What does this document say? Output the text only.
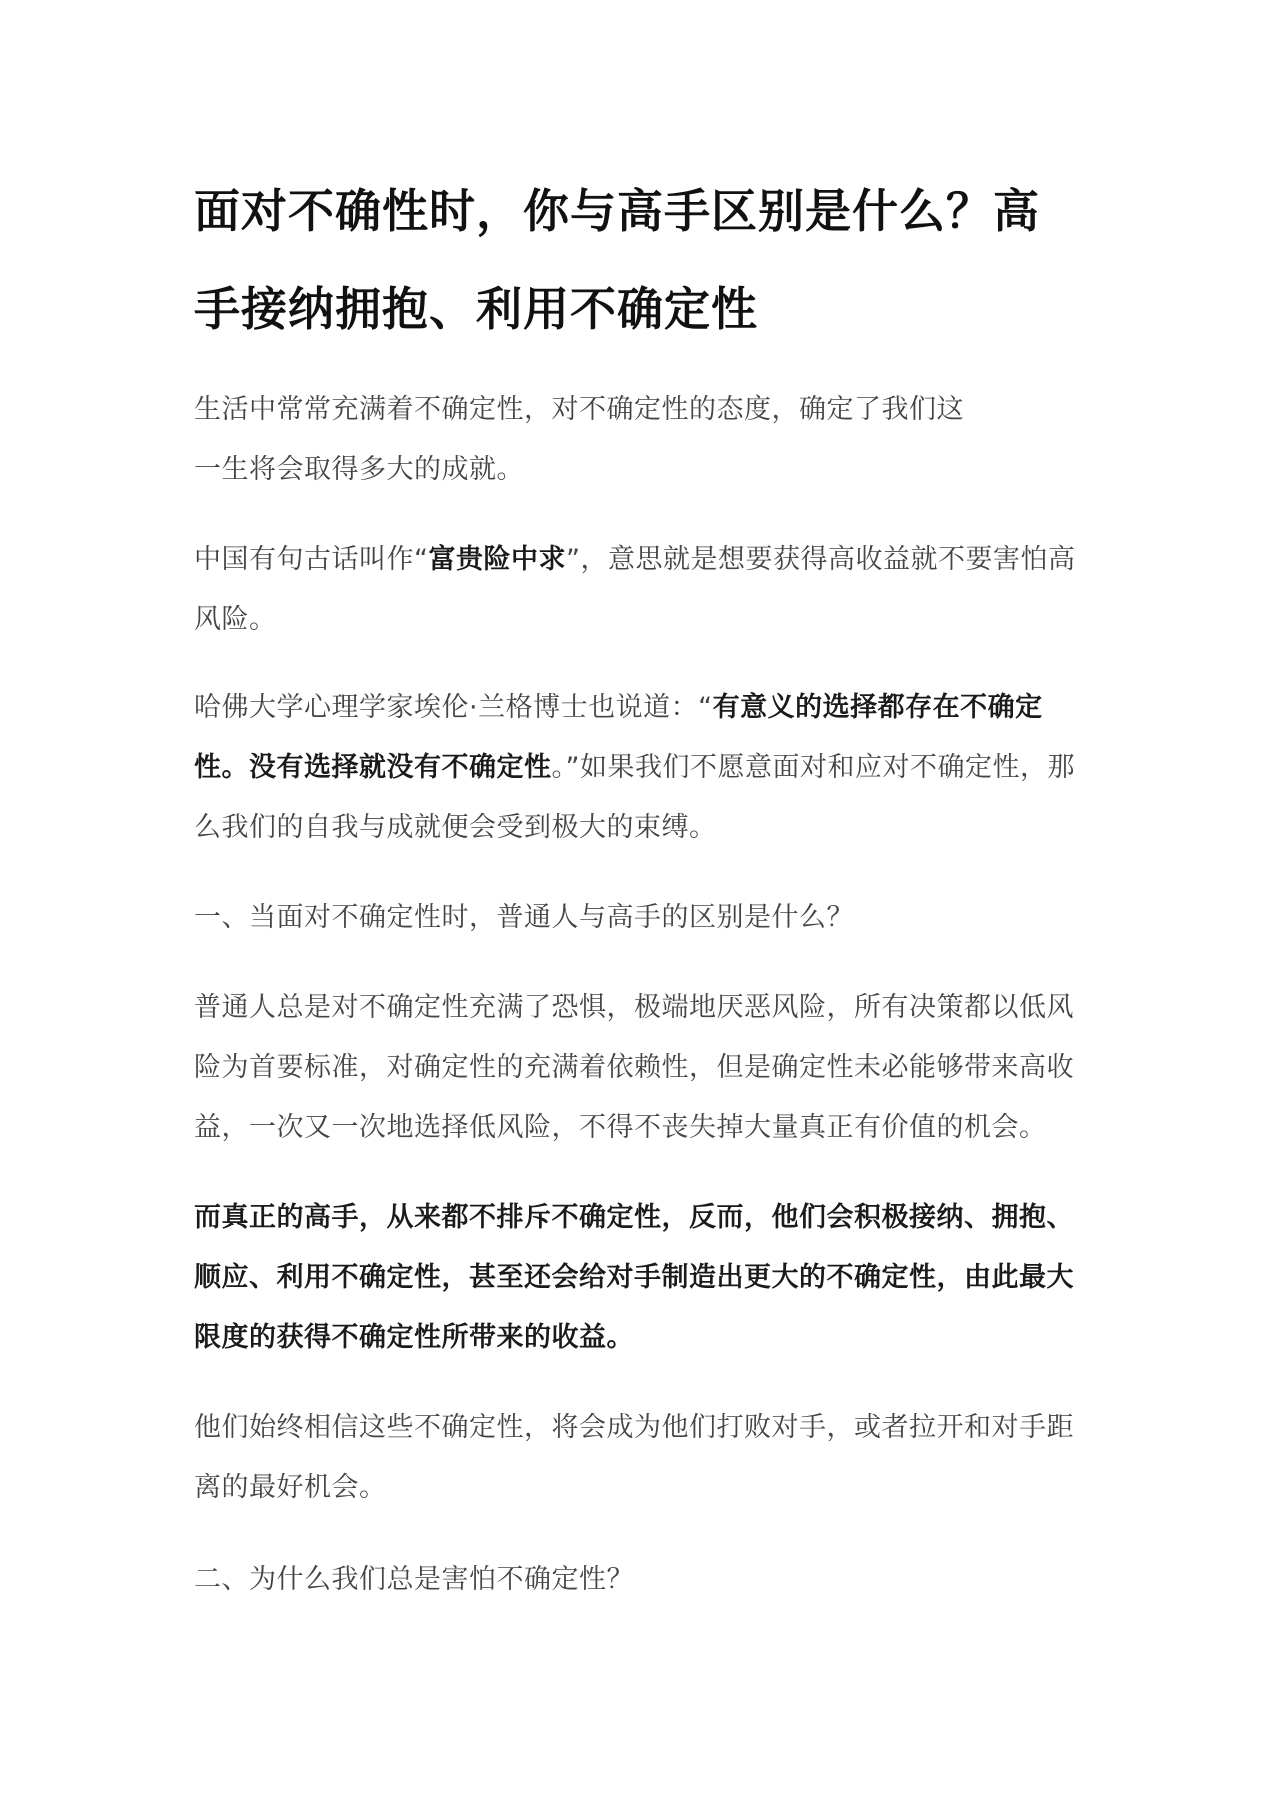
面对不确性时，你与高手区别是什么？高手接纳拥抱、利用不确定性

生活中常常充满着不确定性，对不确定性的态度，确定了我们这
一生将会取得多大的成就。

中国有句古话叫作“富贵险中求”，意思就是想要获得高收益就不要害怕高风险。

哈佛大学心理学家埃伦·兰格博士也说道：“有意义的选择都存在不确定性。没有选择就没有不确定性。”如果我们不愿意面对和应对不确定性，那么我们的自我与成就便会受到极大的束缚。

一、当面对不确定性时，普通人与高手的区别是什么？

普通人总是对不确定性充满了恐惧，极端地厌恶风险，所有决策都以低风险为首要标准，对确定性的充满着依赖性，但是确定性未必能够带来高收益，一次又一次地选择低风险，不得不丧失掉大量真正有价值的机会。

而真正的高手，从来都不排斥不确定性，反而，他们会积极接纳、拥抱、顺应、利用不确定性，甚至还会给对手制造出更大的不确定性，由此最大限度的获得不确定性所带来的收益。

他们始终相信这些不确定性，将会成为他们打败对手，或者拉开和对手距离的最好机会。

二、为什么我们总是害怕不确定性？
